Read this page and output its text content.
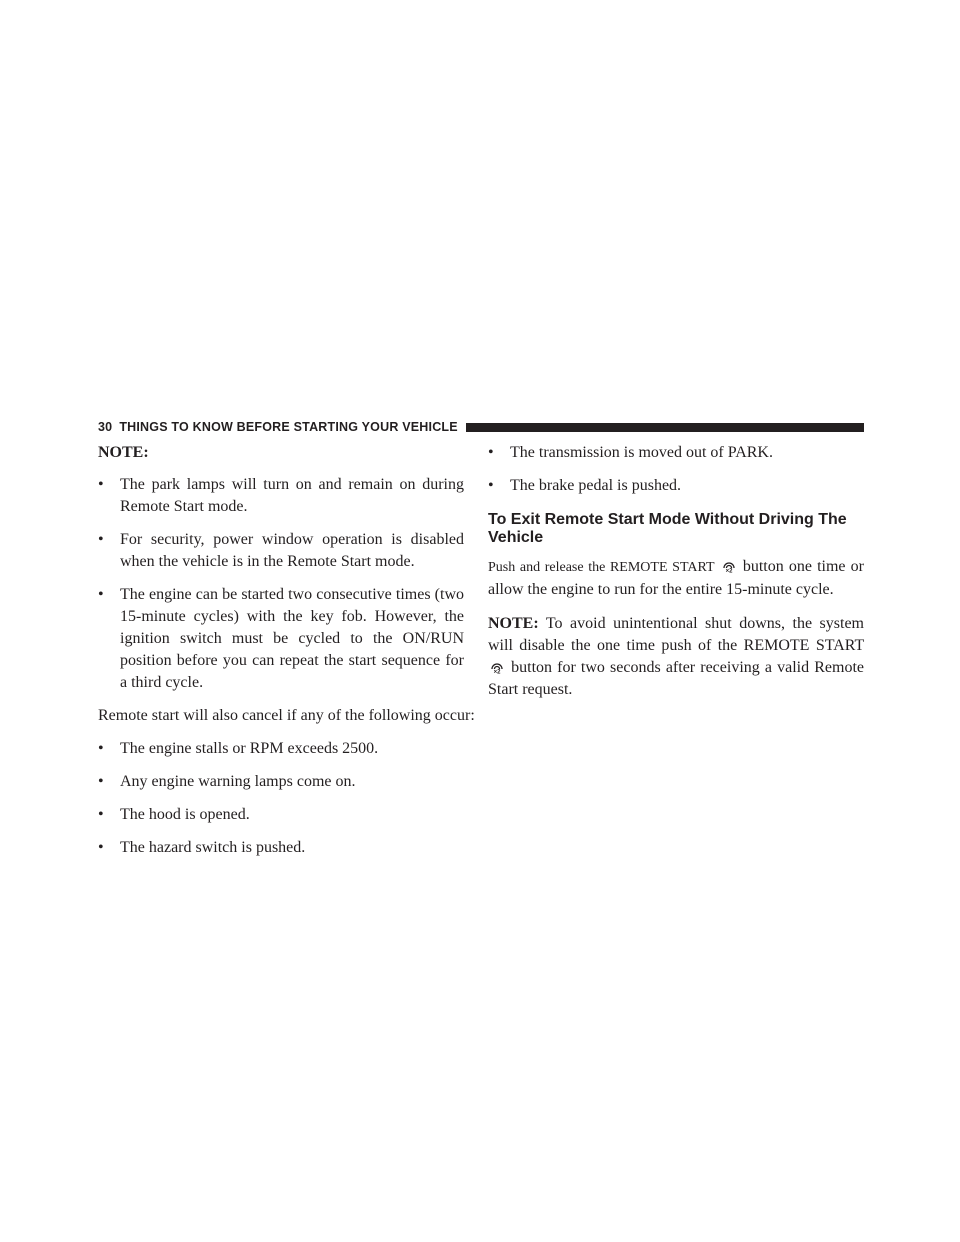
30 THINGS TO KNOW BEFORE STARTING YOUR VEHICLE

NOTE:

•	The park lamps will turn on and remain on during Remote Start mode.
•	For security, power window operation is disabled when the vehicle is in the Remote Start mode.
•	The engine can be started two consecutive times (two 15-minute cycles) with the key fob. However, the ignition switch must be cycled to the ON/RUN position before you can repeat the start sequence for a third cycle.

Remote start will also cancel if any of the following occur:

•	The engine stalls or RPM exceeds 2500.
•	Any engine warning lamps come on.
•	The hood is opened.
•	The hazard switch is pushed.
•	The transmission is moved out of PARK.
•	The brake pedal is pushed.
To Exit Remote Start Mode Without Driving The Vehicle

Push and release the REMOTE START ×2 button one time or allow the engine to run for the entire 15-minute cycle.

NOTE: To avoid unintentional shut downs, the system will disable the one time push of the REMOTE START
×2 button for two seconds after receiving a valid Remote Start request.
